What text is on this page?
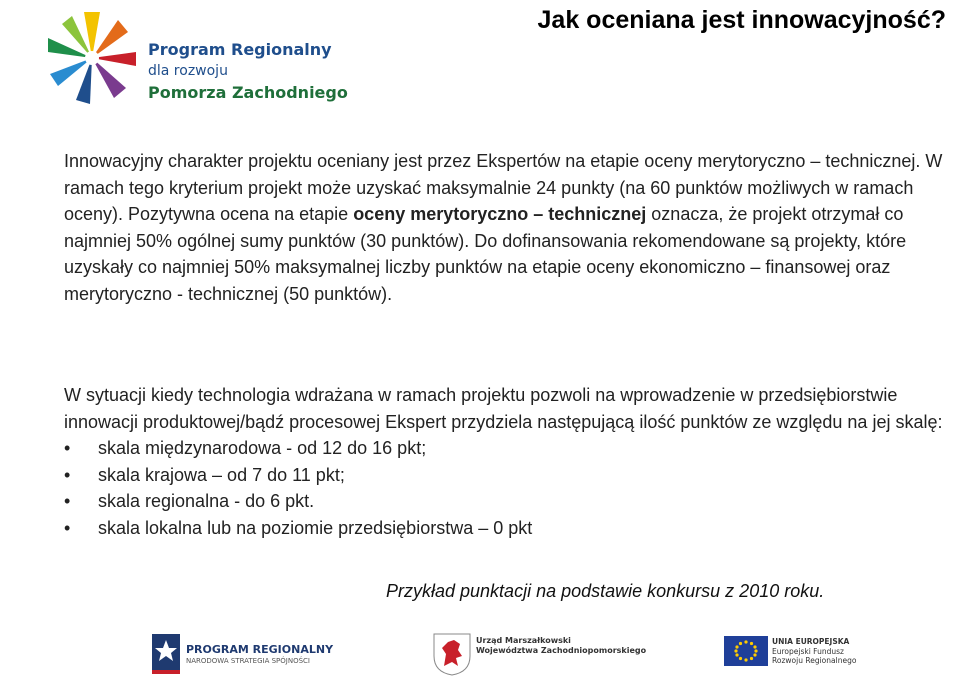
Program Regionalny
dla rozwoju
Pomorza Zachodniego
Jak oceniana jest innowacyjność?

Innowacyjny charakter projektu oceniany jest przez Ekspertów na etapie oceny merytoryczno – technicznej. W ramach tego kryterium projekt może uzyskać maksymalnie 24 punkty (na 60 punktów możliwych w ramach oceny). Pozytywna ocena na etapie oceny merytoryczno – technicznej oznacza, że projekt otrzymał co najmniej 50% ogólnej sumy punktów (30 punktów). Do dofinansowania rekomendowane są projekty, które uzyskały co najmniej 50% maksymalnej liczby punktów na etapie oceny ekonomiczno – finansowej oraz merytoryczno - technicznej (50 punktów).

W sytuacji kiedy technologia wdrażana w ramach projektu pozwoli na wprowadzenie w przedsiębiorstwie innowacji produktowej/bądź procesowej Ekspert przydziela następującą ilość punktów ze względu na jej skalę:

• skala międzynarodowa - od 12 do 16 pkt;
• skala krajowa – od 7 do 11 pkt;
• skala regionalna - do 6 pkt.
• skala lokalna lub na poziomie przedsiębiorstwa – 0 pkt
Przykład punktacji na podstawie konkursu z 2010 roku.
PROGRAM REGIONALNY
NARODOWA STRATEGIA SPÓJNOŚCI
Urząd Marszałkowski
Województwa Zachodniopomorskiego
UNIA EUROPEJSKA
Europejski Fundusz
Rozwoju Regionalnego
